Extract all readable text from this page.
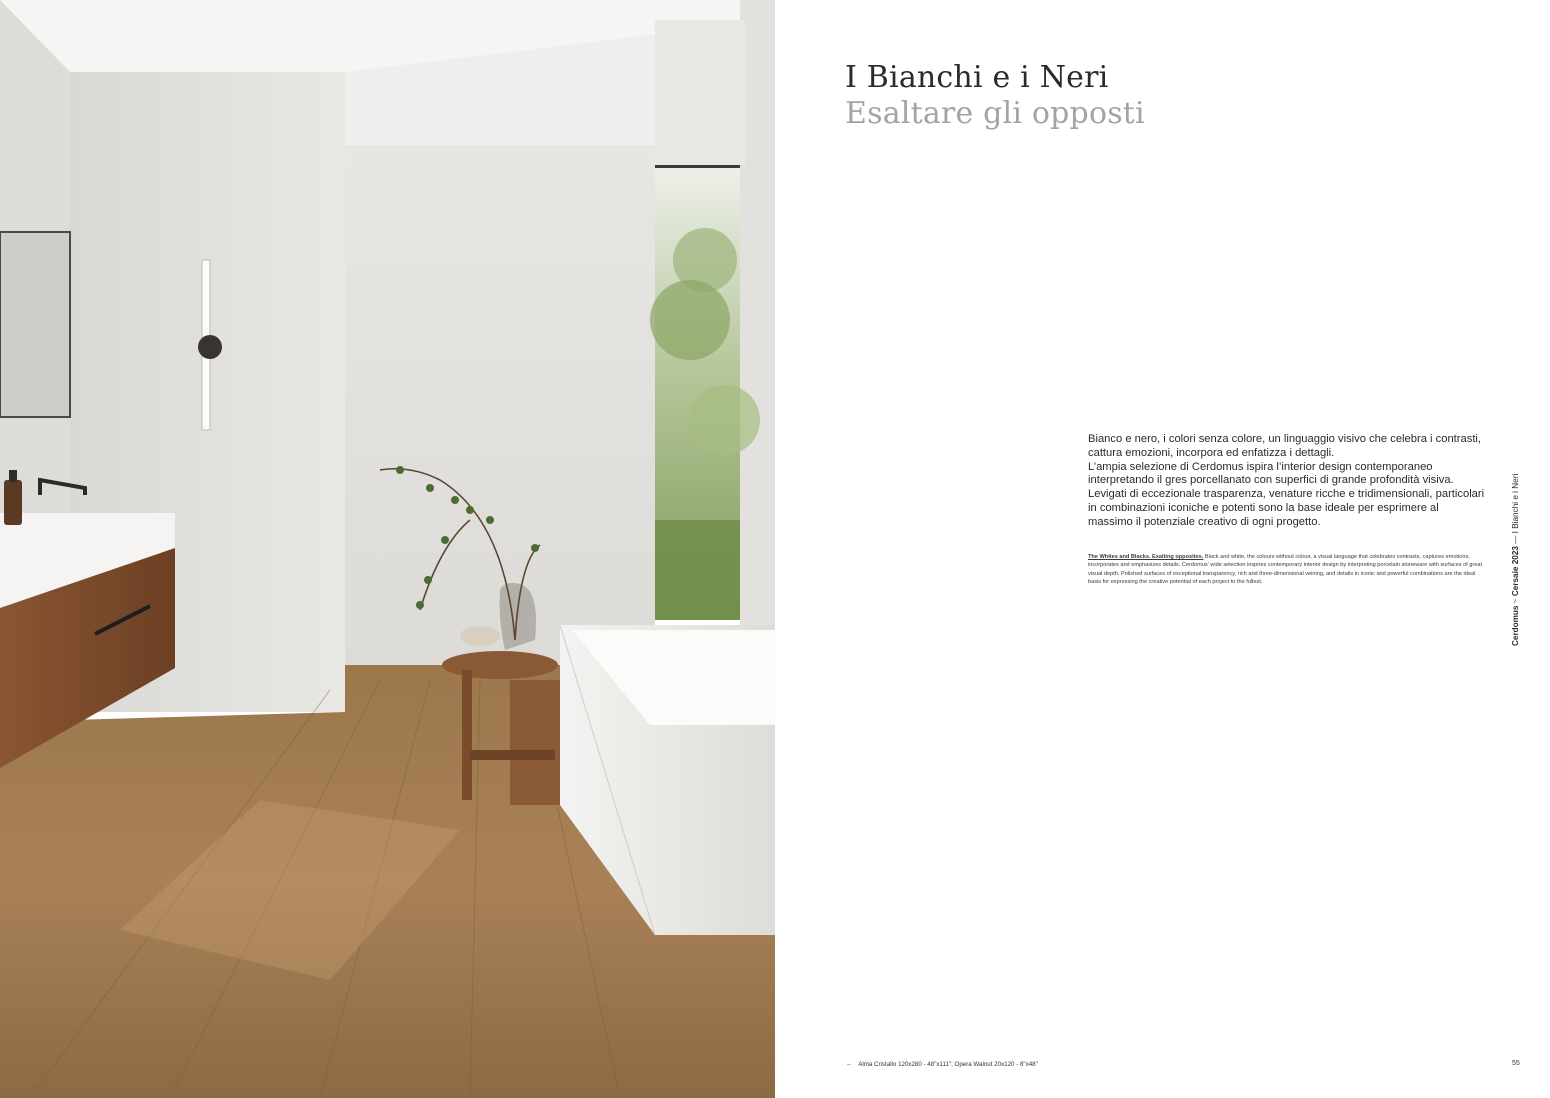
I Bianchi e i Neri
Esaltare gli opposti

Bianco e nero, i colori senza colore, un linguaggio visivo che celebra i contrasti, cattura emozioni, incorpora ed enfatizza i dettagli.

L’ampia selezione di Cerdomus ispira l’interior design contemporaneo interpretando il gres porcellanato con superfici di grande profondità visiva. Levigati di eccezionale trasparenza, venature ricche e tridimensionali, particolari in combinazioni iconiche e potenti sono la base ideale per esprimere al massimo il potenziale creativo di ogni progetto.

The Whites and Blacks. Exalting opposites. Black and white, the colours without colour, a visual language that celebrates contrasts, captures emotions, incorporates and emphasizes details. Cerdomus’ wide selection inspires contemporary interior design by interpreting porcelain stoneware with surfaces of great visual depth. Polished surfaces of exceptional transparency, rich and three-dimensional veining, and details in iconic and powerful combinations are the ideal basis for expressing the creative potential of each project to the fullest.
Cerdomus ~ Cersaie 2023 — I Bianchi e i Neri
← Alma Cristallo 120x280 - 48"x111"; Opera Walnut 20x120 - 8"x48"	55
